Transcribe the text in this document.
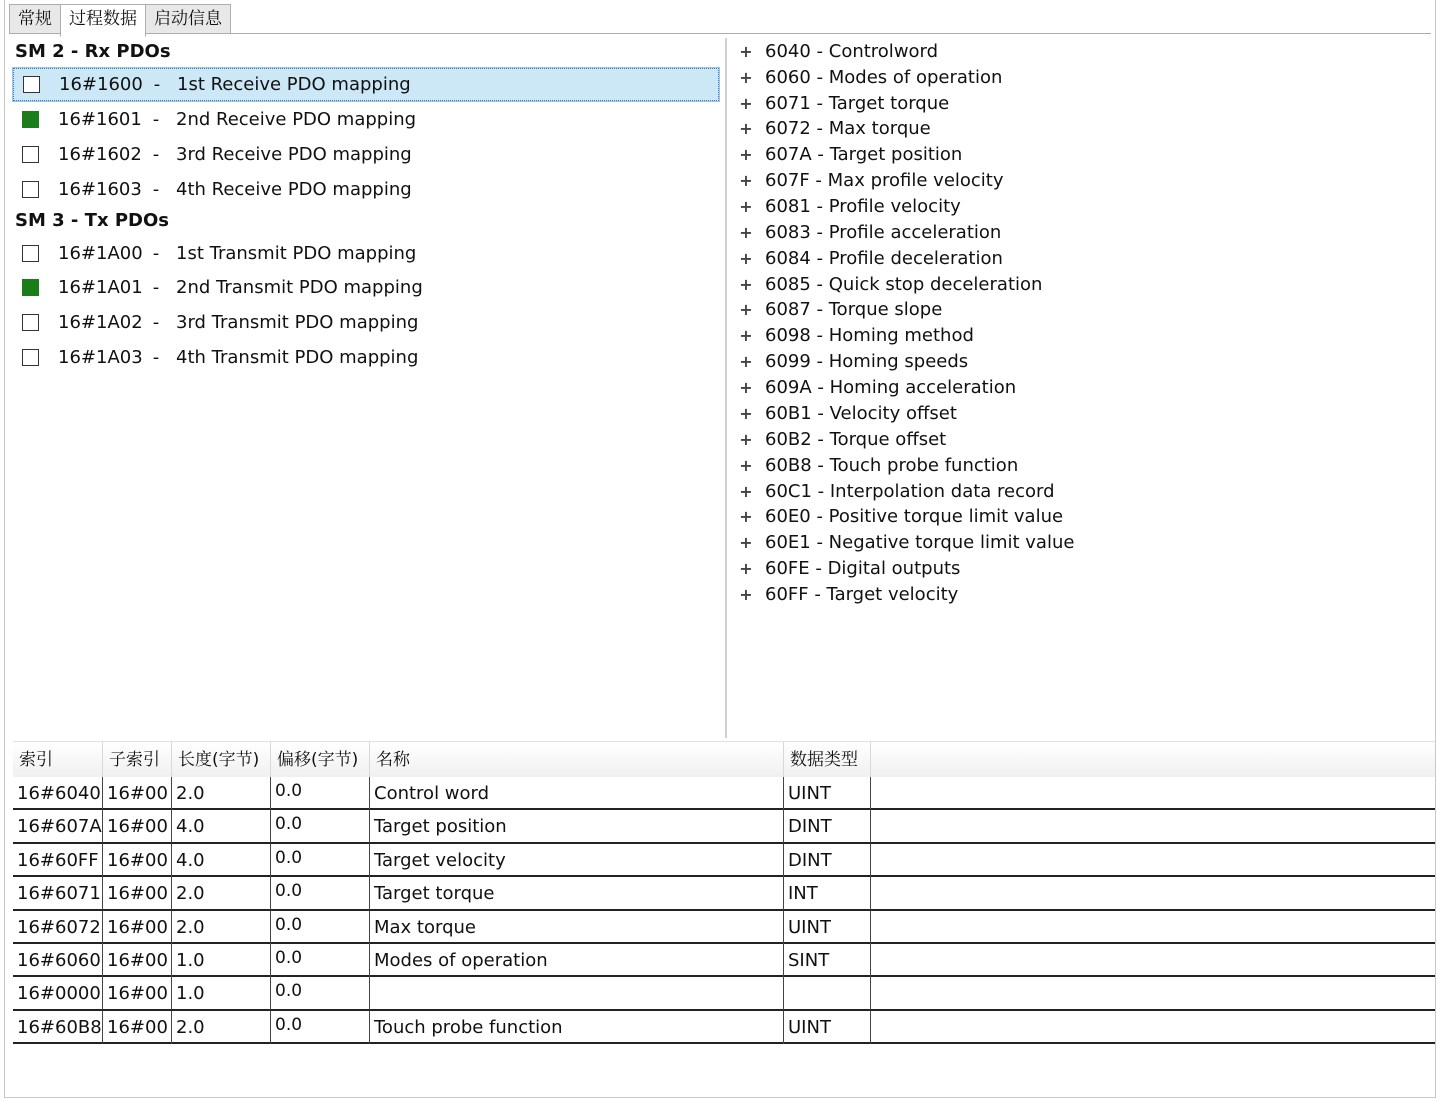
常规	过程数据	启动信息
SM 2 - Rx PDOs
16#1600 - 1st Receive PDO mapping
16#1601 - 2nd Receive PDO mapping
16#1602 - 3rd Receive PDO mapping
16#1603 - 4th Receive PDO mapping
SM 3 - Tx PDOs
16#1A00 - 1st Transmit PDO mapping
16#1A01 - 2nd Transmit PDO mapping
16#1A02 - 3rd Transmit PDO mapping
16#1A03 - 4th Transmit PDO mapping
+ 6040 - Controlword
+ 6060 - Modes of operation
+ 6071 - Target torque
+ 6072 - Max torque
+ 607A - Target position
+ 607F - Max profile velocity
+ 6081 - Profile velocity
+ 6083 - Profile acceleration
+ 6084 - Profile deceleration
+ 6085 - Quick stop deceleration
+ 6087 - Torque slope
+ 6098 - Homing method
+ 6099 - Homing speeds
+ 609A - Homing acceleration
+ 60B1 - Velocity offset
+ 60B2 - Torque offset
+ 60B8 - Touch probe function
+ 60C1 - Interpolation data record
+ 60E0 - Positive torque limit value
+ 60E1 - Negative torque limit value
+ 60FE - Digital outputs
+ 60FF - Target velocity
索引	子索引	长度(字节)	偏移(字节)	名称	数据类型
16#6040 16#00 2.0	0.0	Control word	UINT
16#607A 16#00 4.0	0.0	Target position	DINT
16#60FF 16#00 4.0	0.0	Target velocity	DINT
16#6071 16#00 2.0	0.0	Target torque	INT
16#6072 16#00 2.0	0.0	Max torque	UINT
16#6060 16#00 1.0	0.0	Modes of operation	SINT
16#0000 16#00 1.0	0.0
16#60B8 16#00 2.0	0.0	Touch probe function	UINT
